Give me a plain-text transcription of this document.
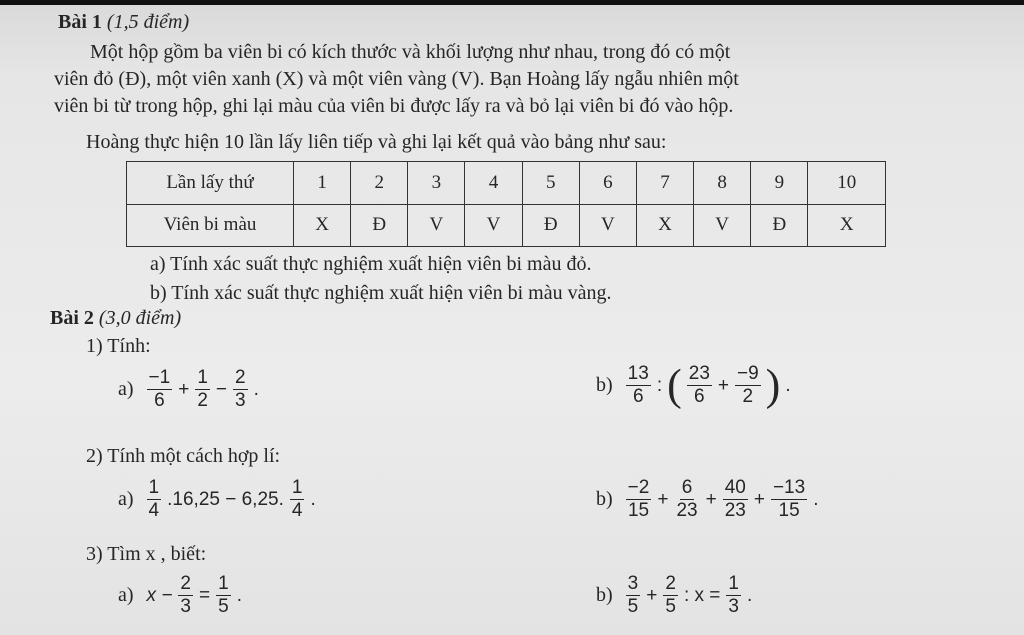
Bài 1 (1,5 điểm)
Một hộp gồm ba viên bi có kích thước và khối lượng như nhau, trong đó có một
viên đỏ (Đ), một viên xanh (X) và một viên vàng (V). Bạn Hoàng lấy ngẫu nhiên một
viên bi từ trong hộp, ghi lại màu của viên bi được lấy ra và bỏ lại viên bi đó vào hộp.
Hoàng thực hiện 10 lần lấy liên tiếp và ghi lại kết quả vào bảng như sau:
Lần lấy thứ	1	2	3	4	5	6	7	8	9	10
Viên bi màu	X	Đ	V	V	Đ	V	X	V	Đ	X
a) Tính xác suất thực nghiệm xuất hiện viên bi màu đỏ.
b) Tính xác suất thực nghiệm xuất hiện viên bi màu vàng.
Bài 2 (3,0 điểm)
1) Tính:
$a) \frac{-1}{6} + \frac{1}{2} - \frac{2}{3}$ .	$b) \frac{13}{6}$ : ( $\frac{23}{6} + \frac{-9}{2}$ ) .
2) Tính một cách hợp lí:
$a) \frac{1}{4} .16,25 - 6,25$. $\frac{1}{4}$ .	$b) \frac{-2}{15} + \frac{6}{23} + \frac{40}{23} + \frac{-13}{15}$ .
3) Tìm x , biết:
a) $x - \frac{2}{3} = \frac{1}{5}$ .	$b) \frac{3}{5} + \frac{2}{5}$ : $x = \frac{1}{3}$ .
